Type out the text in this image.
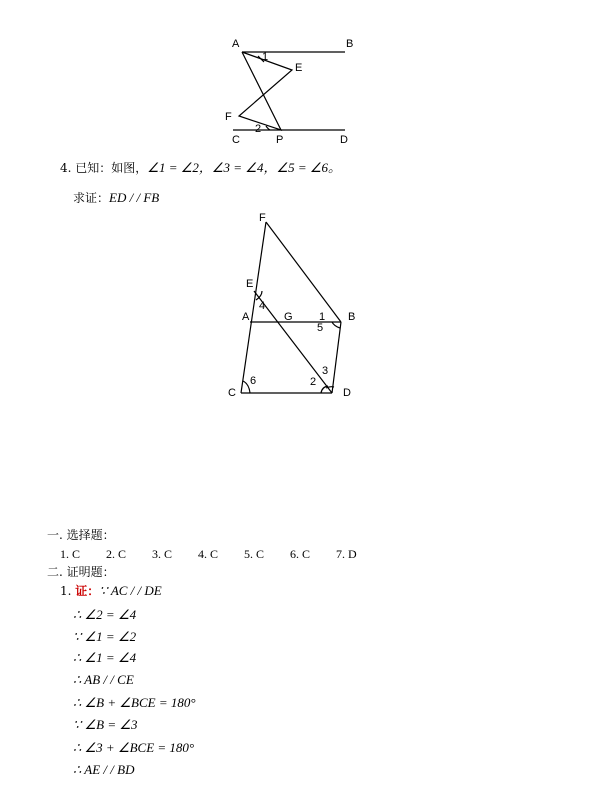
A	B
E
F
C	P	D
1
2
4. 已知：如图，∠1 = ∠2，∠3 = ∠4，∠5 = ∠6。
求证：ED / / FB
F
E
A	G	B
C	D
1
2
3
4
5
6
一. 选择题：
1. C 2. C 3. C 4. C 5. C 6. C 7. D
二. 证明题：
1. 证：∵ AC / / DE
∴ ∠2 = ∠4
∵ ∠1 = ∠2
∴ ∠1 = ∠4
∴ AB / / CE
∴ ∠B + ∠BCE = 180°
∵ ∠B = ∠3
∴ ∠3 + ∠BCE = 180°
∴ AE / / BD
